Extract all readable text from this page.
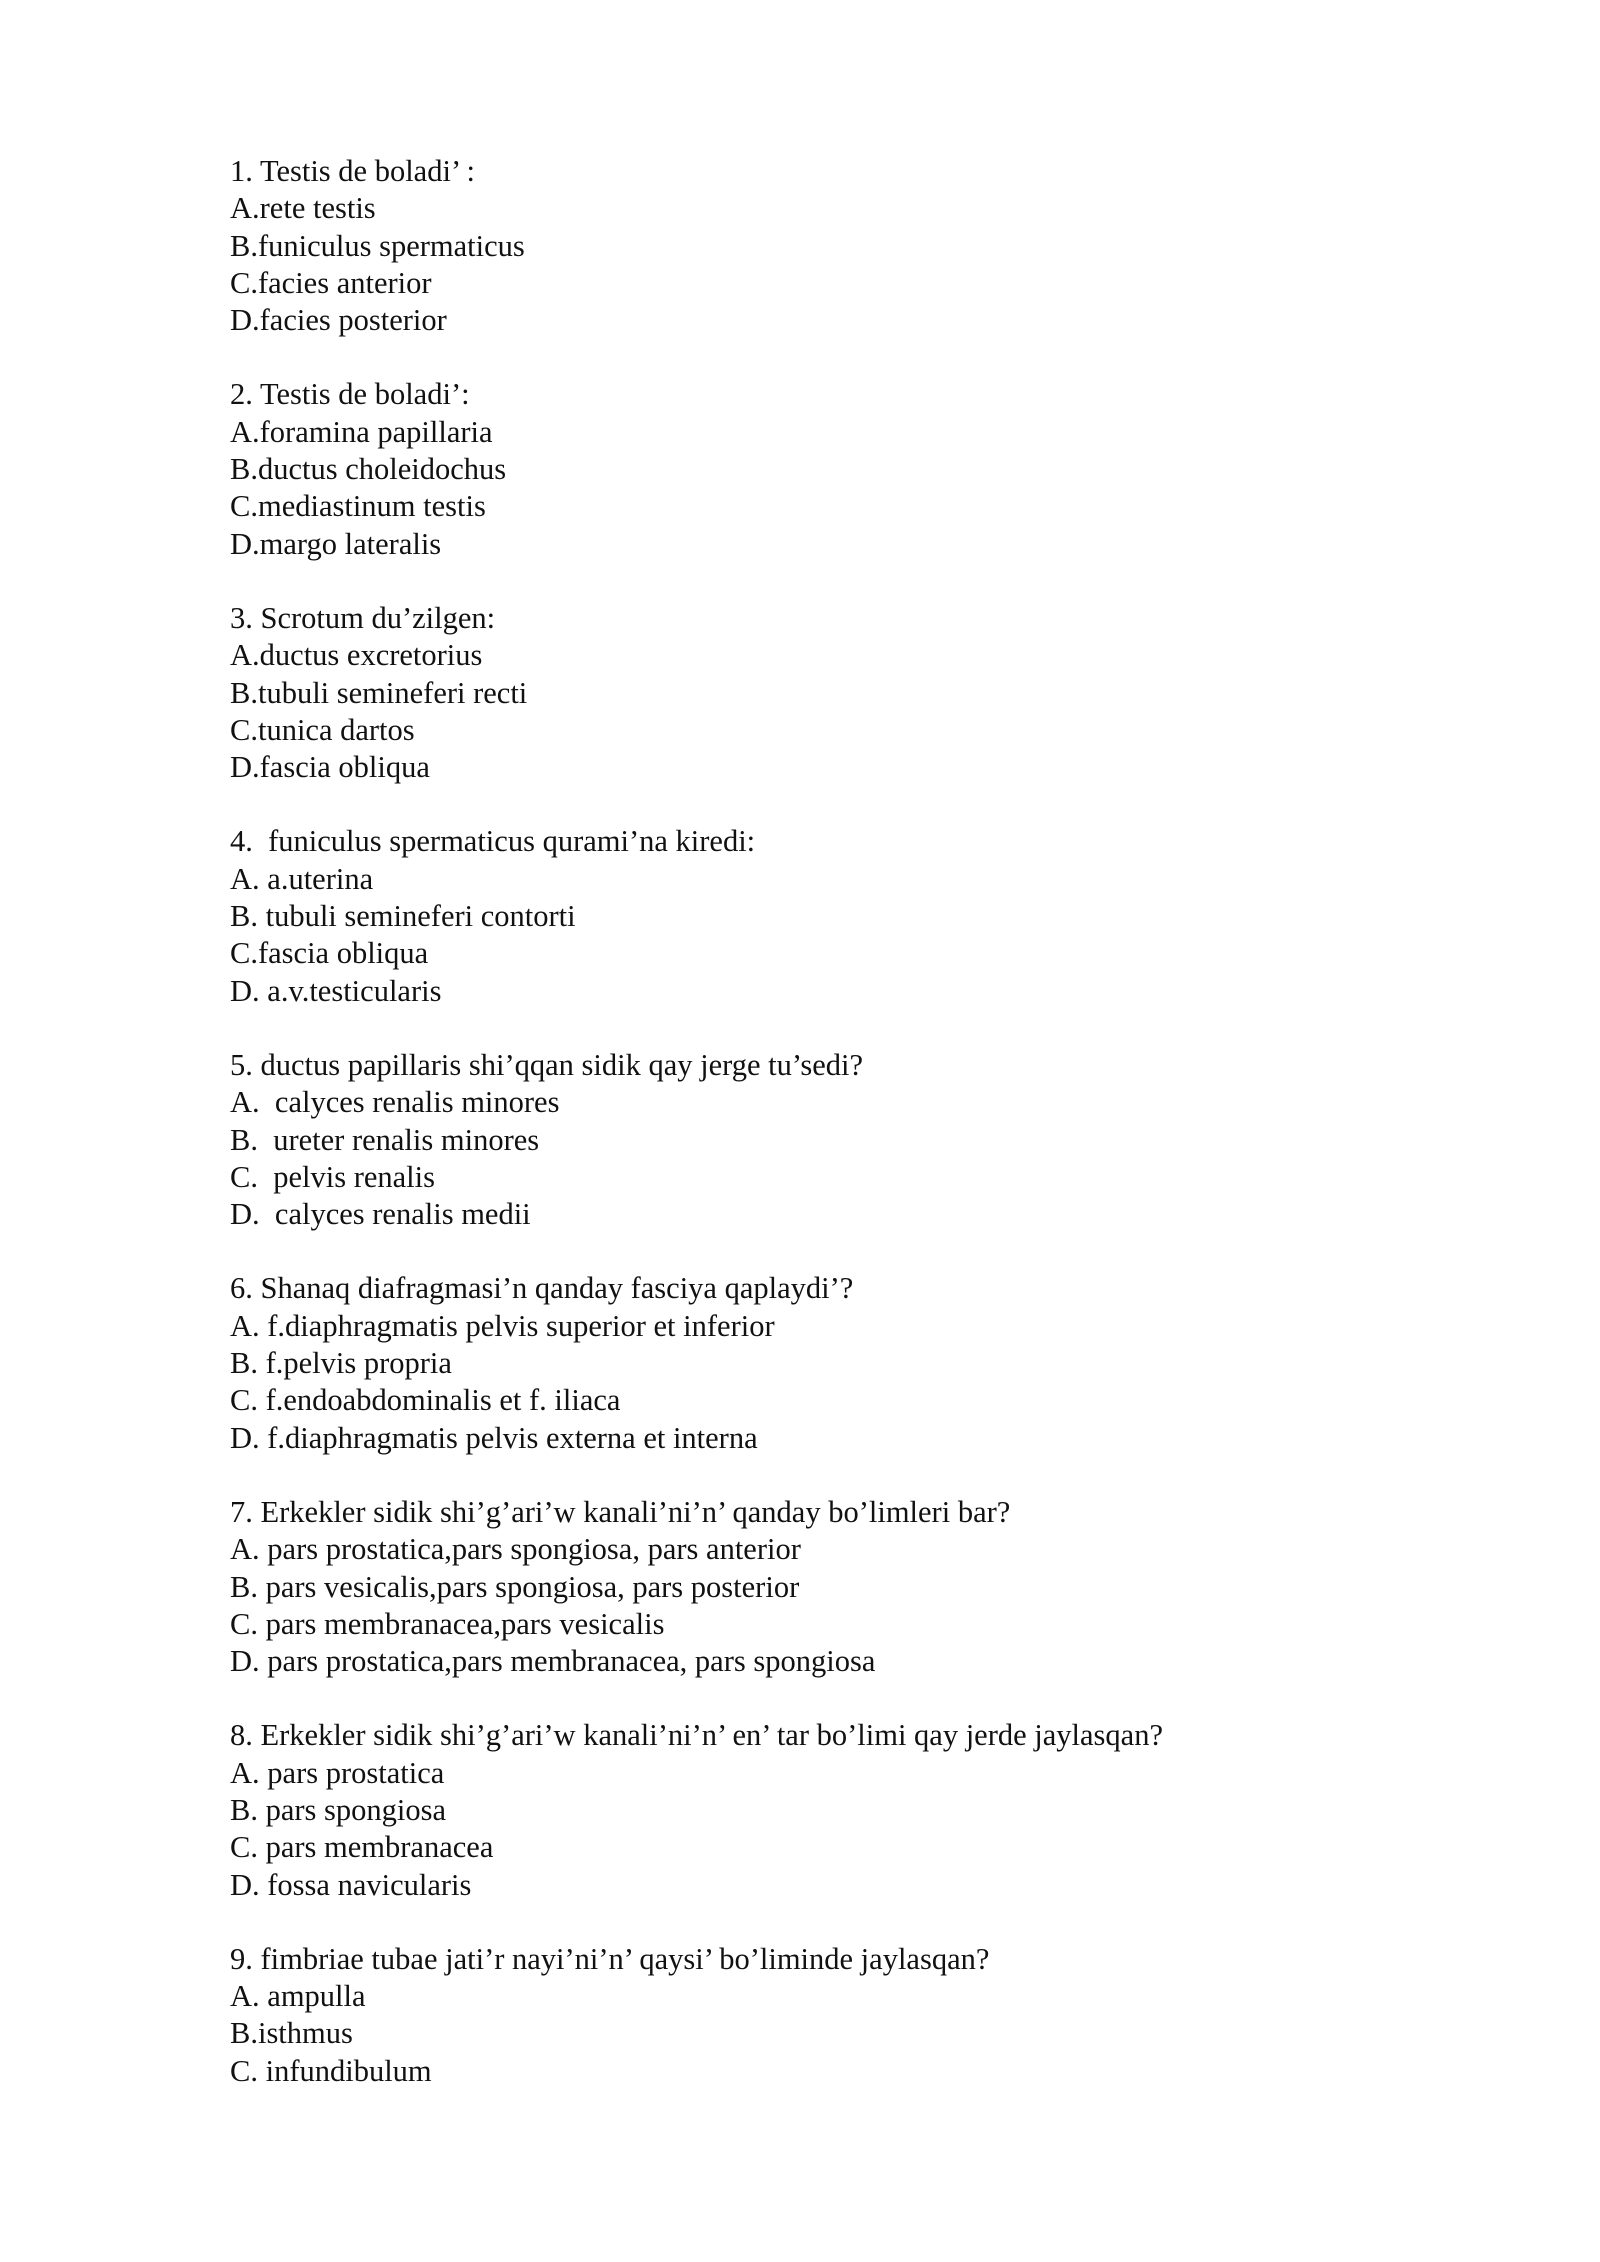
1. Testis de boladi’ :
A.rete testis
B.funiculus spermaticus
C.facies anterior
D.facies posterior
2. Testis de boladi’:
A.foramina papillaria
B.ductus choleidochus
C.mediastinum testis
D.margo lateralis
3. Scrotum du’zilgen:
A.ductus excretorius
B.tubuli semineferi recti
C.tunica dartos
D.fascia obliqua
4.  funiculus spermaticus qurami’na kiredi:
A. a.uterina
B. tubuli semineferi contorti
C.fascia obliqua
D. a.v.testicularis
5. ductus papillaris shi’qqan sidik qay jerge tu’sedi?
A.  calyces renalis minores
B.  ureter renalis minores
C.  pelvis renalis
D.  calyces renalis medii
6. Shanaq diafragmasi’n qanday fasciya qaplaydi’?
A. f.diaphragmatis pelvis superior et inferior
B. f.pelvis propria
C. f.endoabdominalis et f. iliaca
D. f.diaphragmatis pelvis externa et interna
7. Erkekler sidik shi’g’ari’w kanali’ni’n’ qanday bo’limleri bar?
A. pars prostatica,pars spongiosa, pars anterior
B. pars vesicalis,pars spongiosa, pars posterior
C. pars membranacea,pars vesicalis
D. pars prostatica,pars membranacea, pars spongiosa
8. Erkekler sidik shi’g’ari’w kanali’ni’n’ en’ tar bo’limi qay jerde jaylasqan?
A. pars prostatica
B. pars spongiosa
C. pars membranacea
D. fossa navicularis
9. fimbriae tubae jati’r nayi’ni’n’ qaysi’ bo’liminde jaylasqan?
A. ampulla
B.isthmus
C. infundibulum
